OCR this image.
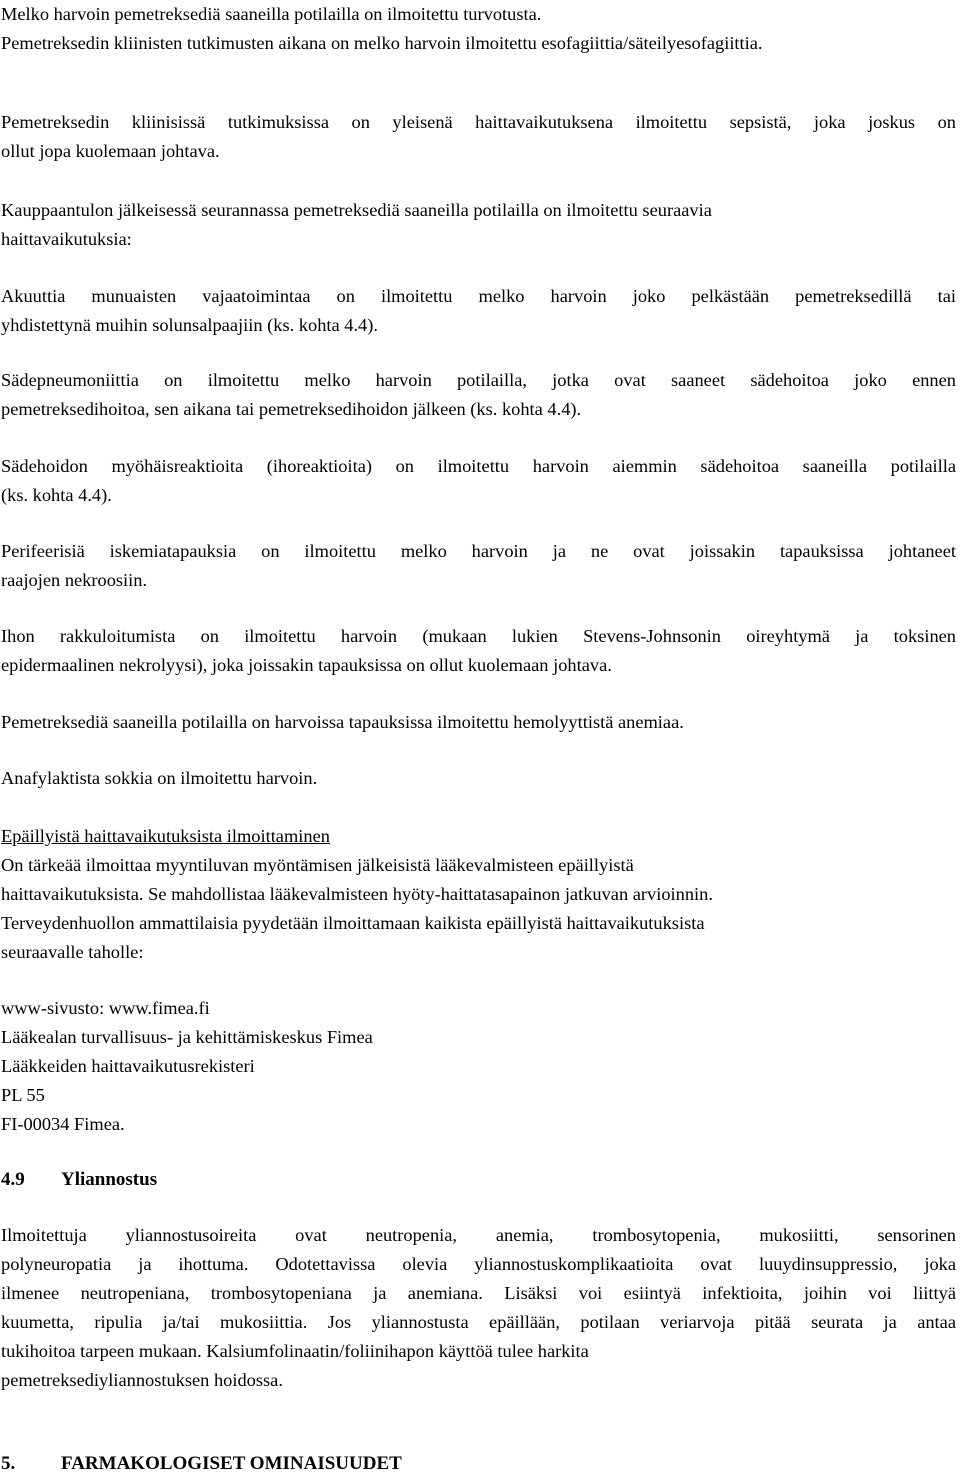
Melko harvoin pemetreksediä saaneilla potilailla on ilmoitettu turvotusta.
Pemetreksedin kliinisten tutkimusten aikana on melko harvoin ilmoitettu esofagiittia/säteilyesofagiittia.
Pemetreksedin kliinisissä tutkimuksissa on yleisenä haittavaikutuksena ilmoitettu sepsistä, joka joskus on
ollut jopa kuolemaan johtava.
Kauppaantulon jälkeisessä seurannassa pemetreksediä saaneilla potilailla on ilmoitettu seuraavia
haittavaikutuksia:
Akuuttia munuaisten vajaatoimintaa on ilmoitettu melko harvoin joko pelkästään pemetreksedillä tai
yhdistettynä muihin solunsalpaajiin (ks. kohta 4.4).
Sädepneumoniittia on ilmoitettu melko harvoin potilailla, jotka ovat saaneet sädehoitoa joko ennen
pemetreksedihoitoa, sen aikana tai pemetreksedihoidon jälkeen (ks. kohta 4.4).
Sädehoidon myöhäisreaktioita (ihoreaktioita) on ilmoitettu harvoin aiemmin sädehoitoa saaneilla potilailla
(ks. kohta 4.4).
Perifeerisiä iskemiatapauksia on ilmoitettu melko harvoin ja ne ovat joissakin tapauksissa johtaneet
raajojen nekroosiin.
Ihon rakkuloitumista on ilmoitettu harvoin (mukaan lukien Stevens-Johnsonin oireyhtymä ja toksinen
epidermaalinen nekrolyysi), joka joissakin tapauksissa on ollut kuolemaan johtava.
Pemetreksediä saaneilla potilailla on harvoissa tapauksissa ilmoitettu hemolyyttistä anemiaa.
Anafylaktista sokkia on ilmoitettu harvoin.
Epäillyistä haittavaikutuksista ilmoittaminen
On tärkeää ilmoittaa myyntiluvan myöntämisen jälkeisistä lääkevalmisteen epäillyistä
haittavaikutuksista. Se mahdollistaa lääkevalmisteen hyöty-haittatasapainon jatkuvan arvioinnin.
Terveydenhuollon ammattilaisia pyydetään ilmoittamaan kaikista epäillyistä haittavaikutuksista
seuraavalle taholle:
www-sivusto: www.fimea.fi
Lääkealan turvallisuus- ja kehittämiskeskus Fimea
Lääkkeiden haittavaikutusrekisteri
PL 55
FI-00034 Fimea.
4.9 Yliannostus
Ilmoitettuja yliannostusoireita ovat neutropenia, anemia, trombosytopenia, mukosiitti, sensorinen
polyneuropatia ja ihottuma. Odotettavissa olevia yliannostuskomplikaatioita ovat luuydinsuppressio, joka
ilmenee neutropeniana, trombosytopeniana ja anemiana. Lisäksi voi esiintyä infektioita, joihin voi liittyä
kuumetta, ripulia ja/tai mukosiittia. Jos yliannostusta epäillään, potilaan veriarvoja pitää seurata ja antaa
tukihoitoa tarpeen mukaan. Kalsiumfolinaatin/foliinihapon käyttöä tulee harkita
pemetreksediyliannostuksen hoidossa.
5. FARMAKOLOGISET OMINAISUUDET
